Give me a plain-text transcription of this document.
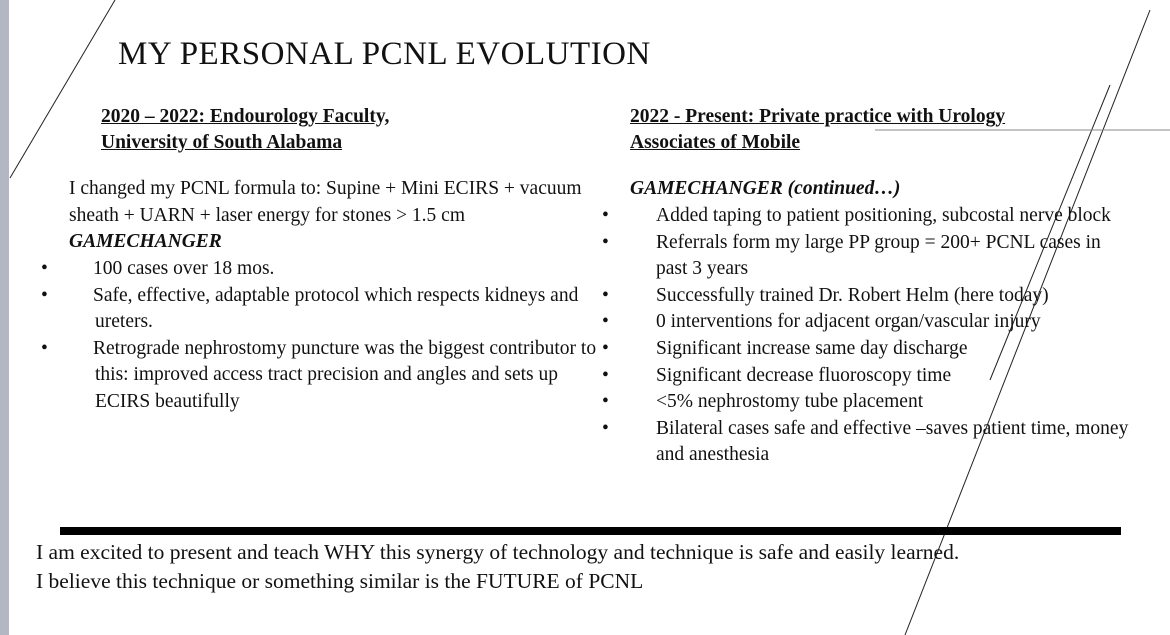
MY PERSONAL PCNL EVOLUTION
2020 – 2022: Endourology Faculty,
University of South Alabama
2022 - Present: Private practice with Urology
Associates of Mobile

I changed my PCNL formula to: Supine + Mini ECIRS + vacuum sheath + UARN + laser energy for stones > 1.5 cm

GAMECHANGER

GAMECHANGER (continued…)

• 100 cases over 18 mos.
• Safe, effective, adaptable protocol which respects kidneys and ureters.
• Retrograde nephrostomy puncture was the biggest contributor to this: improved access tract precision and angles and sets up ECIRS beautifully
• Added taping to patient positioning, subcostal nerve block
• Referrals form my large PP group = 200+ PCNL cases in past 3 years
• Successfully trained Dr. Robert Helm (here today)
• 0 interventions for adjacent organ/vascular injury
• Significant increase same day discharge
• Significant decrease fluoroscopy time
• <5% nephrostomy tube placement
• Bilateral cases safe and effective –saves patient time, money and anesthesia

I am excited to present and teach WHY this synergy of technology and technique is safe and easily learned.
I believe this technique or something similar is the FUTURE of PCNL
